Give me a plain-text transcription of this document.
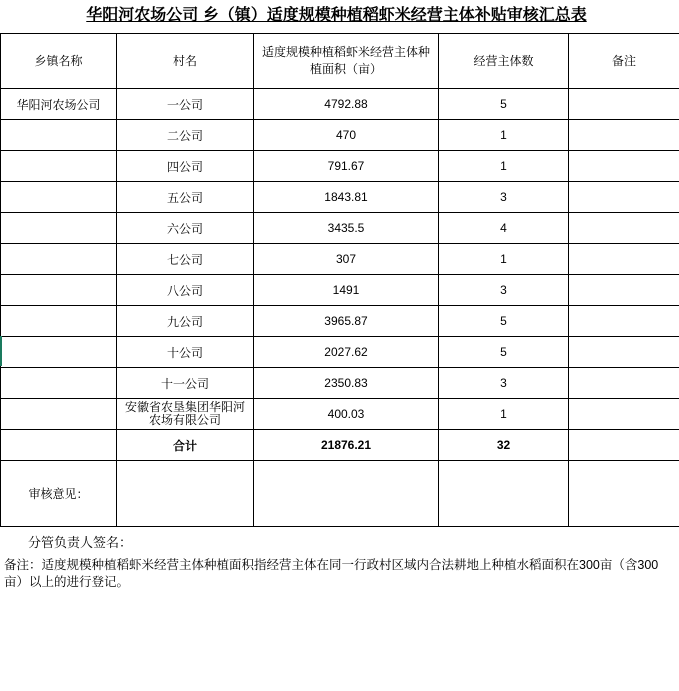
华阳河农场公司 乡（镇）适度规模种植稻虾米经营主体补贴审核汇总表
乡镇名称	村名	适度规模种植稻虾米经营主体种植面积（亩）	经营主体数	备注
华阳河农场公司	一公司	4792.88	5	
	二公司	470	1	
	四公司	791.67	1	
	五公司	1843.81	3	
	六公司	3435.5	4	
	七公司	307	1	
	八公司	1491	3	
	九公司	3965.87	5	
	十公司	2027.62	5	
	十一公司	2350.83	3	
	安徽省农垦集团华阳河农场有限公司	400.03	1	
	合计	21876.21	32	
审核意见：				
分管负责人签名：
备注：适度规模种植稻虾米经营主体种植面积指经营主体在同一行政村区域内合法耕地上种植水稻面积在300亩（含300亩）以上的进行登记。
